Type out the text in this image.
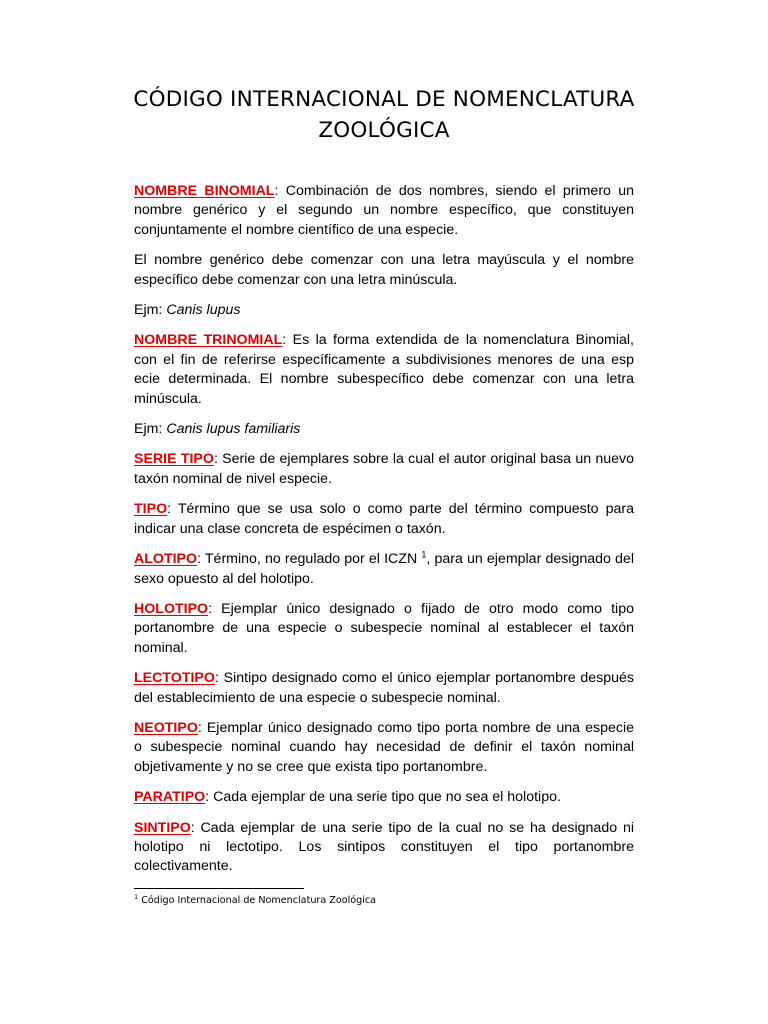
CÓDIGO INTERNACIONAL DE NOMENCLATURA
ZOOLÓGICA

NOMBRE BINOMIAL: Combinación de dos nombres, siendo el primero un nombre genérico y el segundo un nombre específico, que constituyen conjuntamente el nombre científico de una especie.

El nombre genérico debe comenzar con una letra mayúscula y el nombre específico debe comenzar con una letra minúscula.

Ejm: Canis lupus

NOMBRE TRINOMIAL: Es la forma extendida de la nomenclatura Binomial, con el fin de referirse específicamente a subdivisiones menores de una esp ecie determinada. El nombre subespecífico debe comenzar con una letra minúscula.

Ejm: Canis lupus familiaris

SERIE TIPO: Serie de ejemplares sobre la cual el autor original basa un nuevo taxón nominal de nivel especie.

TIPO: Término que se usa solo o como parte del término compuesto para indicar una clase concreta de espécimen o taxón.

ALOTIPO: Término, no regulado por el ICZN $^1$, para un ejemplar designado del sexo opuesto al del holotipo.

HOLOTIPO: Ejemplar único designado o fijado de otro modo como tipo portanombre de una especie o subespecie nominal al establecer el taxón nominal.

LECTOTIPO: Sintipo designado como el único ejemplar portanombre después del establecimiento de una especie o subespecie nominal.

NEOTIPO: Ejemplar único designado como tipo porta nombre de una especie o subespecie nominal cuando hay necesidad de definir el taxón nominal objetivamente y no se cree que exista tipo portanombre.

PARATIPO: Cada ejemplar de una serie tipo que no sea el holotipo.

SINTIPO: Cada ejemplar de una serie tipo de la cual no se ha designado ni holotipo ni lectotipo. Los sintipos constituyen el tipo portanombre colectivamente.

$^1$ Código Internacional de Nomenclatura Zoológica
